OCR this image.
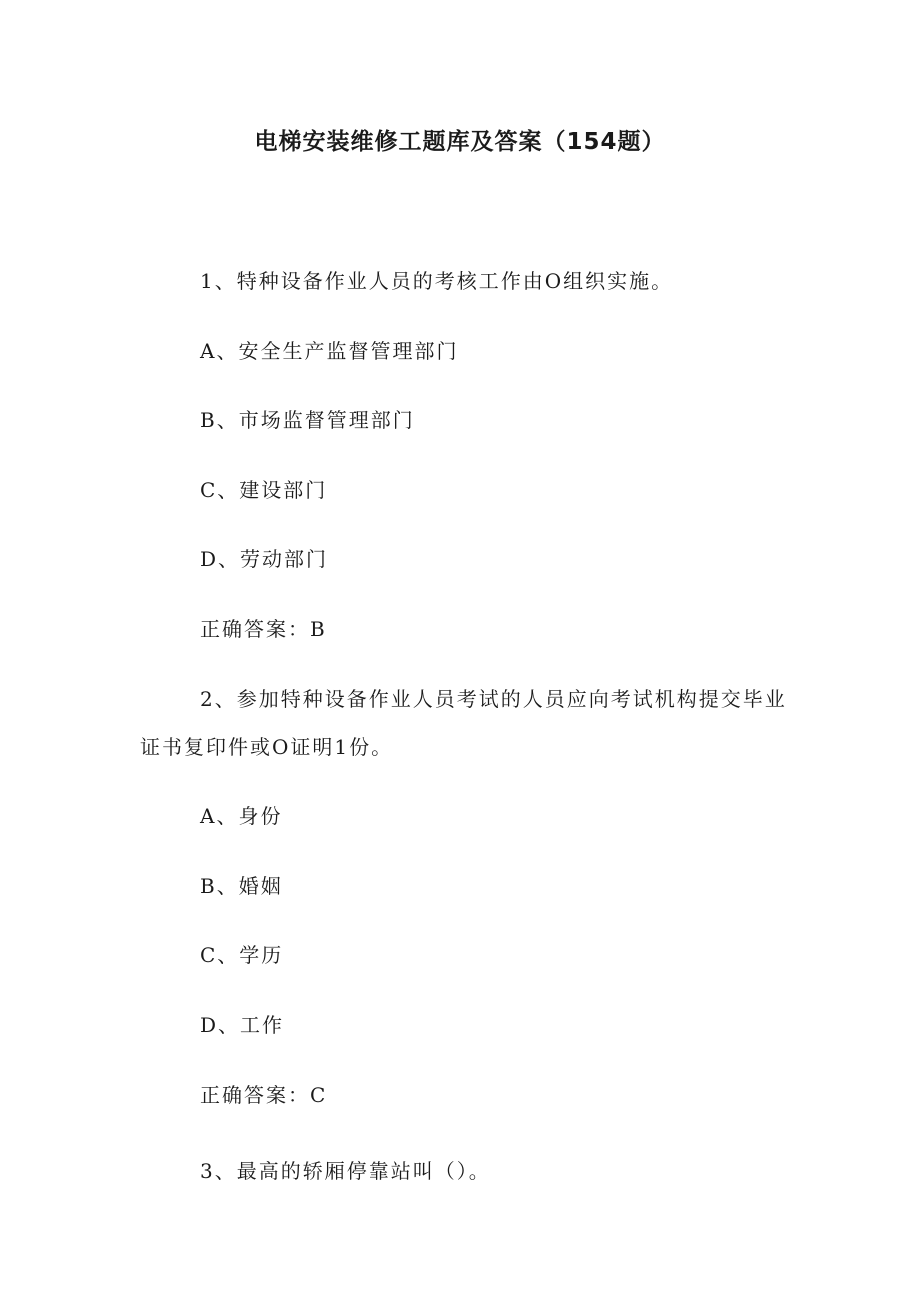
电梯安装维修工题库及答案（154题）
1、特种设备作业人员的考核工作由O组织实施。
A、安全生产监督管理部门
B、市场监督管理部门
C、建设部门
D、劳动部门
正确答案：B
2、参加特种设备作业人员考试的人员应向考试机构提交毕业
证书复印件或O证明1份。
A、身份
B、婚姻
C、学历
D、工作
正确答案：C
3、最高的轿厢停靠站叫（）。
